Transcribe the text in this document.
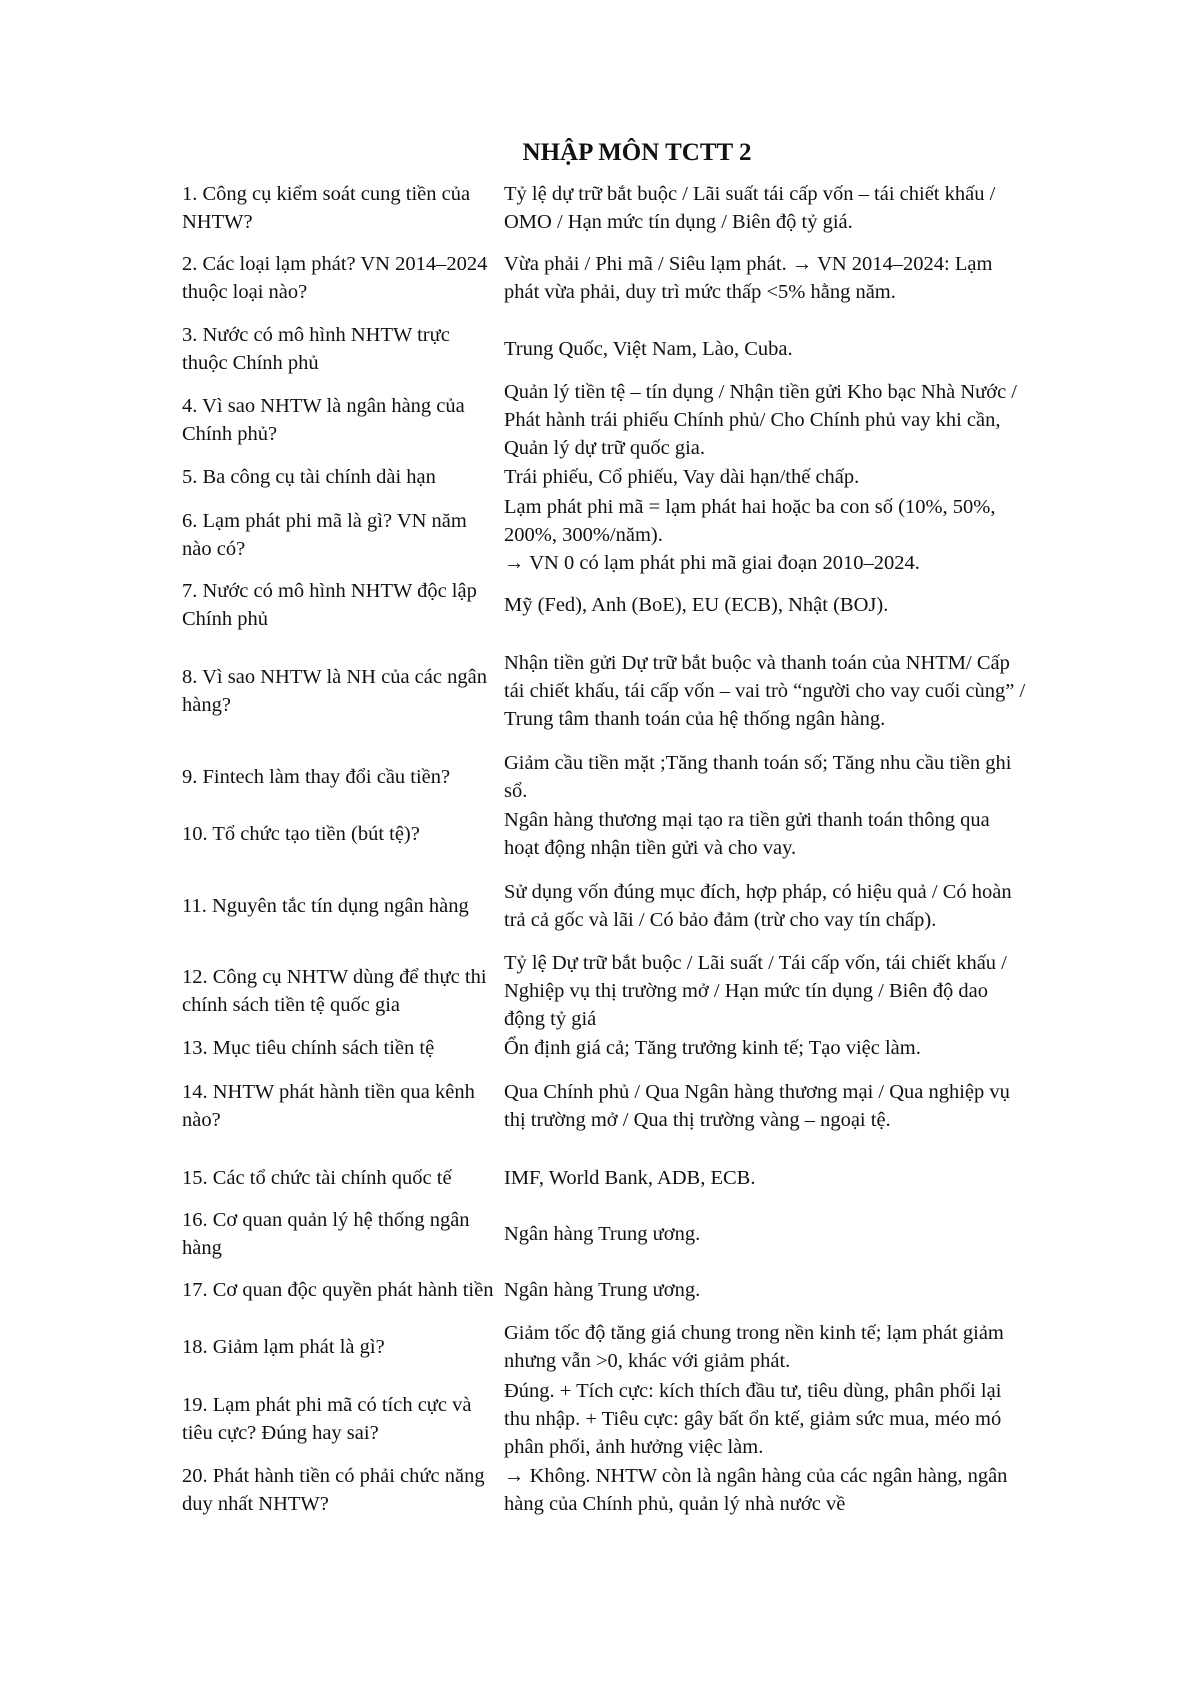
NHẬP MÔN TCTT 2
1. Công cụ kiểm soát cung tiền của NHTW?	Tỷ lệ dự trữ bắt buộc / Lãi suất tái cấp vốn – tái chiết khấu / OMO / Hạn mức tín dụng / Biên độ tỷ giá.
2. Các loại lạm phát? VN 2014–2024 thuộc loại nào?	Vừa phải / Phi mã / Siêu lạm phát. → VN 2014–2024: Lạm phát vừa phải, duy trì mức thấp <5% hằng năm.
3. Nước có mô hình NHTW trực thuộc Chính phủ	Trung Quốc, Việt Nam, Lào, Cuba.
4. Vì sao NHTW là ngân hàng của Chính phủ?	Quản lý tiền tệ – tín dụng / Nhận tiền gửi Kho bạc Nhà Nước / Phát hành trái phiếu Chính phủ/ Cho Chính phủ vay khi cần, Quản lý dự trữ quốc gia.
5. Ba công cụ tài chính dài hạn	Trái phiếu, Cổ phiếu, Vay dài hạn/thế chấp.
6. Lạm phát phi mã là gì? VN năm nào có?	Lạm phát phi mã = lạm phát hai hoặc ba con số (10%, 50%, 200%, 300%/năm).
→ VN 0 có lạm phát phi mã giai đoạn 2010–2024.
7. Nước có mô hình NHTW độc lập Chính phủ	Mỹ (Fed), Anh (BoE), EU (ECB), Nhật (BOJ).
8. Vì sao NHTW là NH của các ngân hàng?	Nhận tiền gửi Dự trữ bắt buộc và thanh toán của NHTM/ Cấp tái chiết khấu, tái cấp vốn – vai trò “người cho vay cuối cùng” / Trung tâm thanh toán của hệ thống ngân hàng.
9. Fintech làm thay đổi cầu tiền?	Giảm cầu tiền mặt ;Tăng thanh toán số; Tăng nhu cầu tiền ghi sổ.
10. Tổ chức tạo tiền (bút tệ)?	Ngân hàng thương mại tạo ra tiền gửi thanh toán thông qua hoạt động nhận tiền gửi và cho vay.
11. Nguyên tắc tín dụng ngân hàng	Sử dụng vốn đúng mục đích, hợp pháp, có hiệu quả / Có hoàn trả cả gốc và lãi / Có bảo đảm (trừ cho vay tín chấp).
12. Công cụ NHTW dùng để thực thi chính sách tiền tệ quốc gia	Tỷ lệ Dự trữ bắt buộc / Lãi suất / Tái cấp vốn, tái chiết khấu / Nghiệp vụ thị trường mở / Hạn mức tín dụng / Biên độ dao động tỷ giá
13. Mục tiêu chính sách tiền tệ	Ổn định giá cả; Tăng trưởng kinh tế; Tạo việc làm.
14. NHTW phát hành tiền qua kênh nào?	Qua Chính phủ / Qua Ngân hàng thương mại / Qua nghiệp vụ thị trường mở / Qua thị trường vàng – ngoại tệ.
15. Các tổ chức tài chính quốc tế	IMF, World Bank, ADB, ECB.
16. Cơ quan quản lý hệ thống ngân hàng	Ngân hàng Trung ương.
17. Cơ quan độc quyền phát hành tiền	Ngân hàng Trung ương.
18. Giảm lạm phát là gì?	Giảm tốc độ tăng giá chung trong nền kinh tế; lạm phát giảm nhưng vẫn >0, khác với giảm phát.
19. Lạm phát phi mã có tích cực và tiêu cực? Đúng hay sai?	Đúng. + Tích cực: kích thích đầu tư, tiêu dùng, phân phối lại thu nhập. + Tiêu cực: gây bất ổn ktế, giảm sức mua, méo mó phân phối, ảnh hưởng việc làm.
20. Phát hành tiền có phải chức năng duy nhất NHTW?	→ Không. NHTW còn là ngân hàng của các ngân hàng, ngân hàng của Chính phủ, quản lý nhà nước về
